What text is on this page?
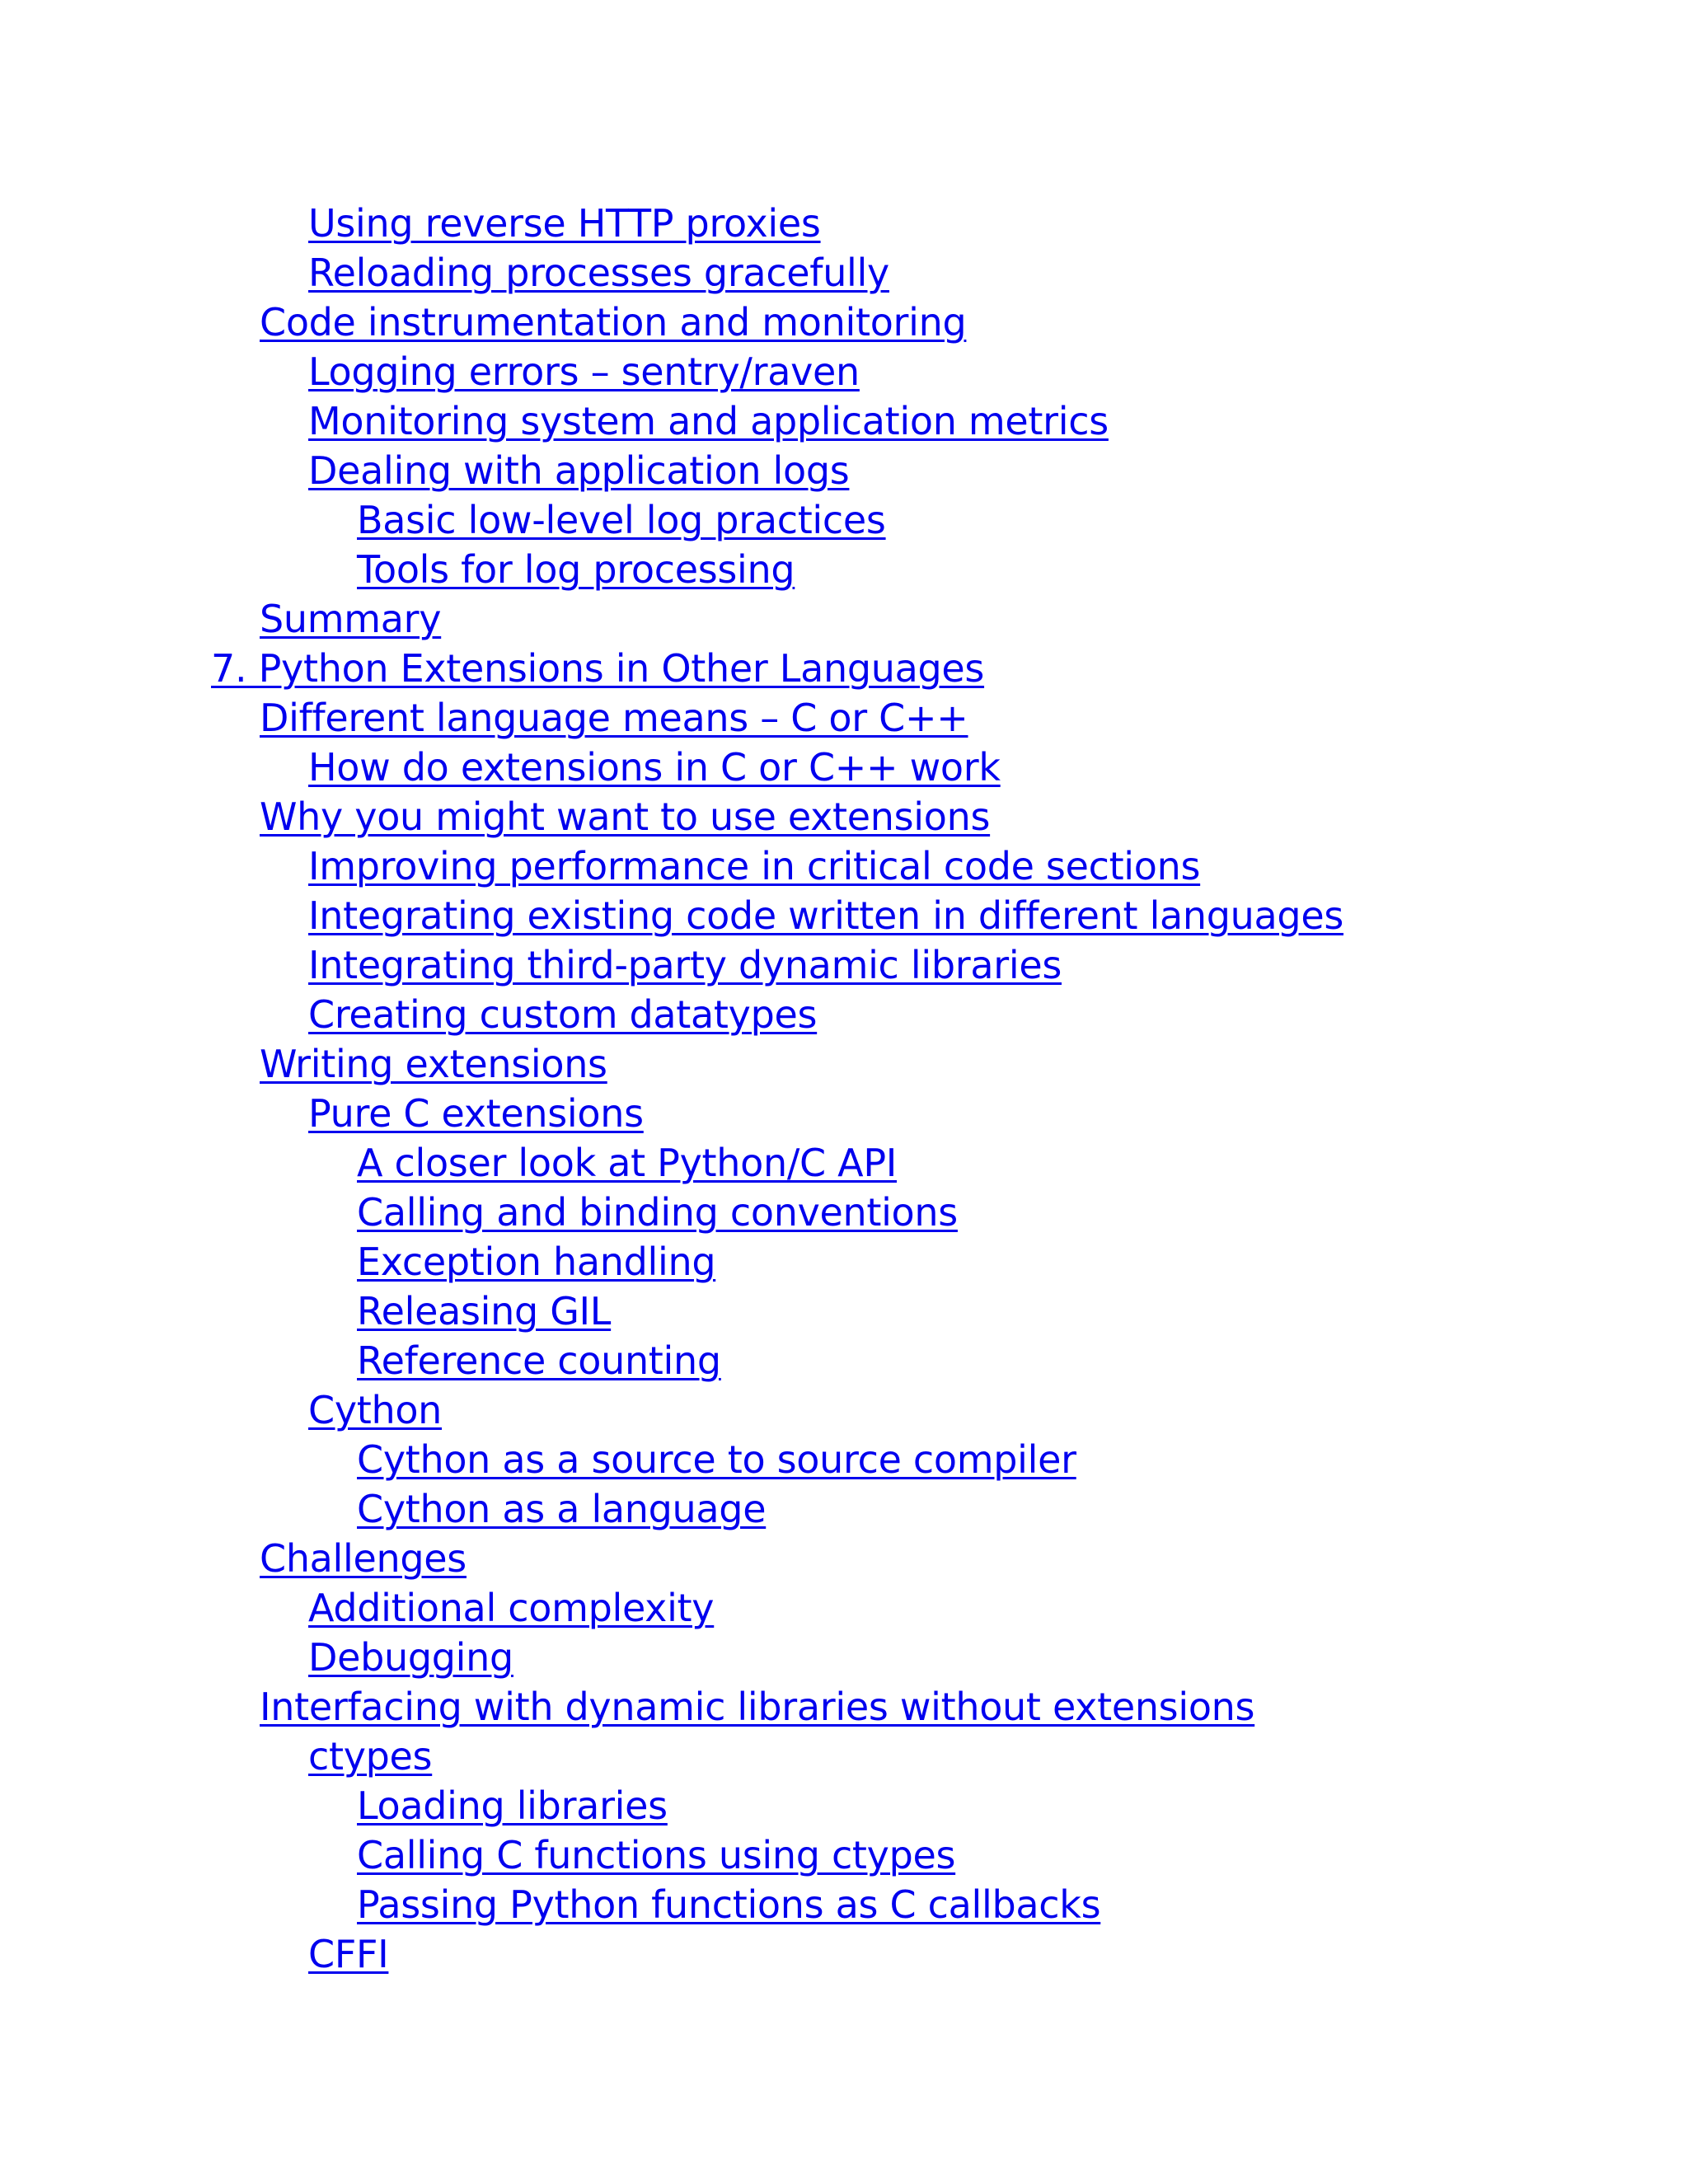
Using reverse HTTP proxies
Reloading processes gracefully
Code instrumentation and monitoring
Logging errors – sentry/raven
Monitoring system and application metrics
Dealing with application logs
Basic low-level log practices
Tools for log processing
Summary
7. Python Extensions in Other Languages
Different language means – C or C++
How do extensions in C or C++ work
Why you might want to use extensions
Improving performance in critical code sections
Integrating existing code written in different languages
Integrating third-party dynamic libraries
Creating custom datatypes
Writing extensions
Pure C extensions
A closer look at Python/C API
Calling and binding conventions
Exception handling
Releasing GIL
Reference counting
Cython
Cython as a source to source compiler
Cython as a language
Challenges
Additional complexity
Debugging
Interfacing with dynamic libraries without extensions
ctypes
Loading libraries
Calling C functions using ctypes
Passing Python functions as C callbacks
CFFI
